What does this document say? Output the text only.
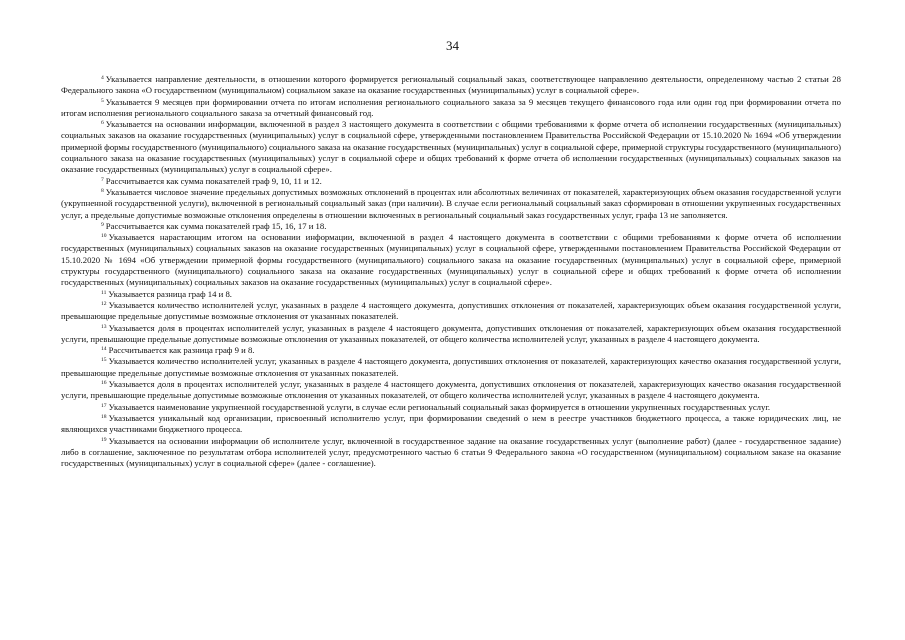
34

$^4$ Указывается направление деятельности, в отношении которого формируется региональный социальный заказ, соответствующее направлению деятельности, определенному частью 2 статьи 28 Федерального закона «О государственном (муниципальном) социальном заказе на оказание государственных (муниципальных) услуг в социальной сфере».

$^5$ Указывается 9 месяцев при формировании отчета по итогам исполнения регионального социального заказа за 9 месяцев текущего финансового года или один год при формировании отчета по итогам исполнения регионального социального заказа за отчетный финансовый год.

$^6$ Указывается на основании информации, включенной в раздел 3 настоящего документа в соответствии с общими требованиями к форме отчета об исполнении государственных (муниципальных) социальных заказов на оказание государственных (муниципальных) услуг в социальной сфере, утвержденными постановлением Правительства Российской Федерации от 15.10.2020 № 1694 «Об утверждении примерной формы государственного (муниципального) социального заказа на оказание государственных (муниципальных) услуг в социальной сфере, примерной структуры государственного (муниципального) социального заказа на оказание государственных (муниципальных) услуг в социальной сфере и общих требований к форме отчета об исполнении государственных (муниципальных) социальных заказов на оказание государственных (муниципальных) услуг в социальной сфере».

$^7$ Рассчитывается как сумма показателей граф 9, 10, 11 и 12.

$^8$ Указывается числовое значение предельных допустимых возможных отклонений в процентах или абсолютных величинах от показателей, характеризующих объем оказания государственной услуги (укрупненной государственной услуги), включенной в региональный социальный заказ (при наличии). В случае если региональный социальный заказ сформирован в отношении укрупненных государственных услуг, а предельные допустимые возможные отклонения определены в отношении включенных в региональный социальный заказ государственных услуг, графа 13 не заполняется.

$^9$ Рассчитывается как сумма показателей граф 15, 16, 17 и 18.

$^{10}$ Указывается нарастающим итогом на основании информации, включенной в раздел 4 настоящего документа в соответствии с общими требованиями к форме отчета об исполнении государственных (муниципальных) социальных заказов на оказание государственных (муниципальных) услуг в социальной сфере, утвержденными постановлением Правительства Российской Федерации от 15.10.2020 № 1694 «Об утверждении примерной формы государственного (муниципального) социального заказа на оказание государственных (муниципальных) услуг в социальной сфере, примерной структуры государственного (муниципального) социального заказа на оказание государственных (муниципальных) услуг в социальной сфере и общих требований к форме отчета об исполнении государственных (муниципальных) социальных заказов на оказание государственных (муниципальных) услуг в социальной сфере».

$^{11}$ Указывается разница граф 14 и 8.

$^{12}$ Указывается количество исполнителей услуг, указанных в разделе 4 настоящего документа, допустивших отклонения от показателей, характеризующих объем оказания государственной услуги, превышающие предельные допустимые возможные отклонения от указанных показателей.

$^{13}$ Указывается доля в процентах исполнителей услуг, указанных в разделе 4 настоящего документа, допустивших отклонения от показателей, характеризующих объем оказания государственной услуги, превышающие предельные допустимые возможные отклонения от указанных показателей, от общего количества исполнителей услуг, указанных в разделе 4 настоящего документа.

$^{14}$ Рассчитывается как разница граф 9 и 8.

$^{15}$ Указывается количество исполнителей услуг, указанных в разделе 4 настоящего документа, допустивших отклонения от показателей, характеризующих качество оказания государственной услуги, превышающие предельные допустимые возможные отклонения от указанных показателей.

$^{16}$ Указывается доля в процентах исполнителей услуг, указанных в разделе 4 настоящего документа, допустивших отклонения от показателей, характеризующих качество оказания государственной услуги, превышающие предельные допустимые возможные отклонения от указанных показателей, от общего количества исполнителей услуг, указанных в разделе 4 настоящего документа.

$^{17}$ Указывается наименование укрупненной государственной услуги, в случае если региональный социальный заказ формируется в отношении укрупненных государственных услуг.

$^{18}$ Указывается уникальный код организации, присвоенный исполнителю услуг, при формировании сведений о нем в реестре участников бюджетного процесса, а также юридических лиц, не являющихся участниками бюджетного процесса.

$^{19}$ Указывается на основании информации об исполнителе услуг, включенной в государственное задание на оказание государственных услуг (выполнение работ) (далее - государственное задание) либо в соглашение, заключенное по результатам отбора исполнителей услуг, предусмотренного частью 6 статьи 9 Федерального закона «О государственном (муниципальном) социальном заказе на оказание государственных (муниципальных) услуг в социальной сфере» (далее - соглашение).
